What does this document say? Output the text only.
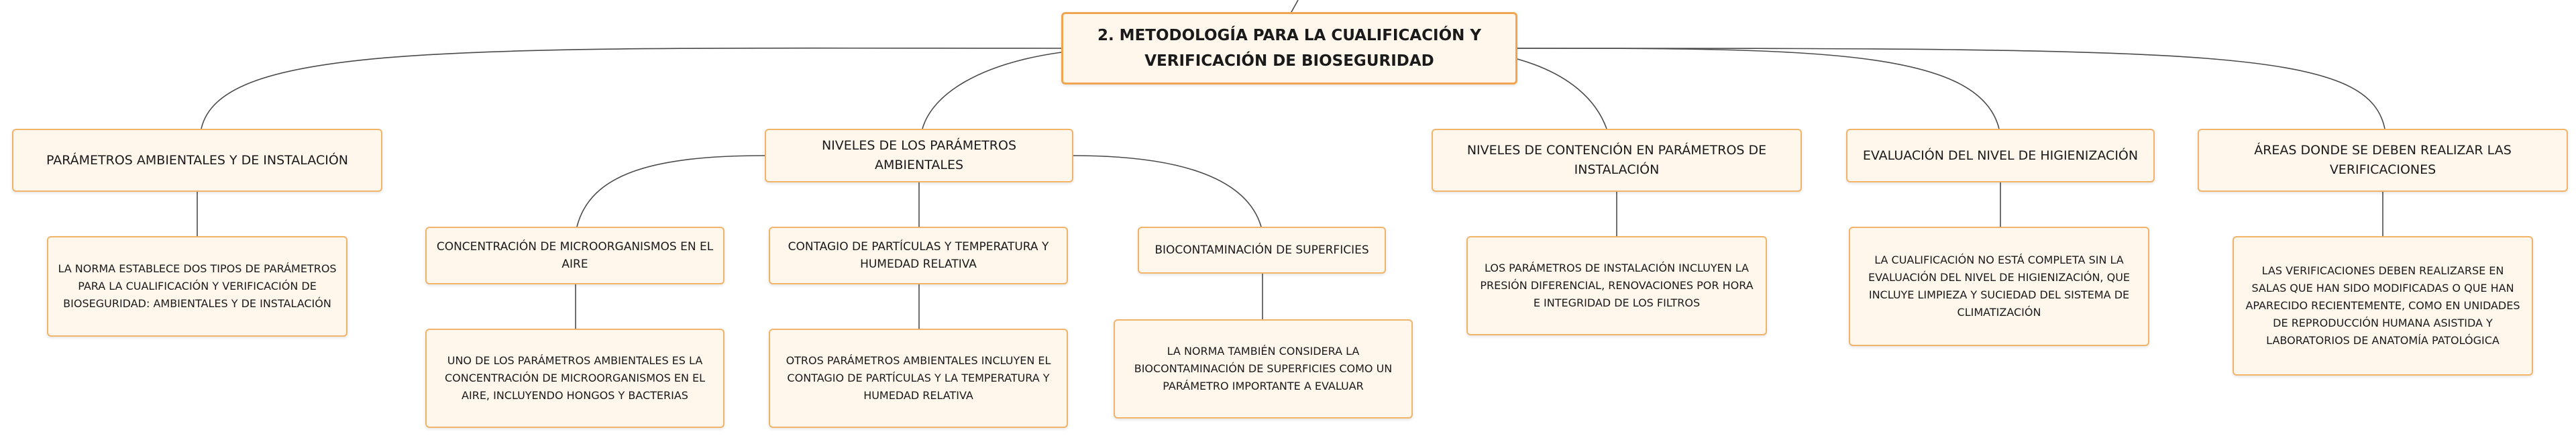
2. METODOLOGÍA PARA LA CUALIFICACIÓN Y VERIFICACIÓN DE BIOSEGURIDAD
PARÁMETROS AMBIENTALES Y DE INSTALACIÓN
LA NORMA ESTABLECE DOS TIPOS DE PARÁMETROS PARA LA CUALIFICACIÓN Y VERIFICACIÓN DE BIOSEGURIDAD: AMBIENTALES Y DE INSTALACIÓN
NIVELES DE LOS PARÁMETROS AMBIENTALES
CONCENTRACIÓN DE MICROORGANISMOS EN EL AIRE
UNO DE LOS PARÁMETROS AMBIENTALES ES LA CONCENTRACIÓN DE MICROORGANISMOS EN EL AIRE, INCLUYENDO HONGOS Y BACTERIAS
CONTAGIO DE PARTÍCULAS Y TEMPERATURA Y HUMEDAD RELATIVA
OTROS PARÁMETROS AMBIENTALES INCLUYEN EL CONTAGIO DE PARTÍCULAS Y LA TEMPERATURA Y HUMEDAD RELATIVA
BIOCONTAMINACIÓN DE SUPERFICIES
LA NORMA TAMBIÉN CONSIDERA LA BIOCONTAMINACIÓN DE SUPERFICIES COMO UN PARÁMETRO IMPORTANTE A EVALUAR
NIVELES DE CONTENCIÓN EN PARÁMETROS DE INSTALACIÓN
LOS PARÁMETROS DE INSTALACIÓN INCLUYEN LA PRESIÓN DIFERENCIAL, RENOVACIONES POR HORA E INTEGRIDAD DE LOS FILTROS
EVALUACIÓN DEL NIVEL DE HIGIENIZACIÓN
LA CUALIFICACIÓN NO ESTÁ COMPLETA SIN LA EVALUACIÓN DEL NIVEL DE HIGIENIZACIÓN, QUE INCLUYE LIMPIEZA Y SUCIEDAD DEL SISTEMA DE CLIMATIZACIÓN
ÁREAS DONDE SE DEBEN REALIZAR LAS VERIFICACIONES
LAS VERIFICACIONES DEBEN REALIZARSE EN SALAS QUE HAN SIDO MODIFICADAS O QUE HAN APARECIDO RECIENTEMENTE, COMO EN UNIDADES DE REPRODUCCIÓN HUMANA ASISTIDA Y LABORATORIOS DE ANATOMÍA PATOLÓGICA
